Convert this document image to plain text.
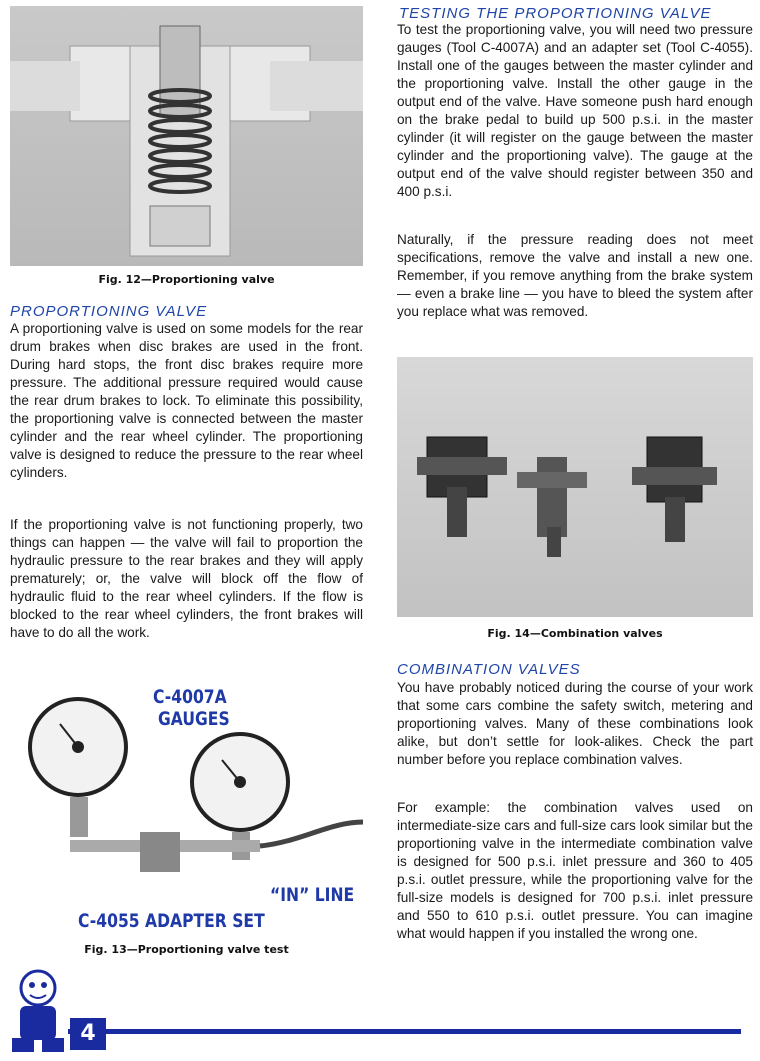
Fig. 12—Proportioning valve
PROPORTIONING VALVE

A proportioning valve is used on some models for the rear drum brakes when disc brakes are used in the front. During hard stops, the front disc brakes require more pressure. The additional pressure required would cause the rear drum brakes to lock. To eliminate this possibility, the proportioning valve is connected between the master cylinder and the rear wheel cylinder. The proportioning valve is designed to reduce the pressure to the rear wheel cylinders.

If the proportioning valve is not functioning properly, two things can happen — the valve will fail to proportion the hydraulic pressure to the rear brakes and they will apply prematurely; or, the valve will block off the flow of hydraulic fluid to the rear wheel cylinders. If the flow is blocked to the rear wheel cylinders, the front brakes will have to do all the work.

C-4007A
GAUGES
“IN” LINE
C-4055 ADAPTER SET
Fig. 13—Proportioning valve test
TESTING THE PROPORTIONING VALVE

To test the proportioning valve, you will need two pressure gauges (Tool C-4007A) and an adapter set (Tool C-4055). Install one of the gauges between the master cylinder and the proportioning valve. Install the other gauge in the output end of the valve. Have someone push hard enough on the brake pedal to build up 500 p.s.i. in the master cylinder (it will register on the gauge between the master cylinder and the proportioning valve). The gauge at the output end of the valve should register between 350 and 400 p.s.i.

Naturally, if the pressure reading does not meet specifications, remove the valve and install a new one. Remember, if you remove anything from the brake system — even a brake line — you have to bleed the system after you replace what was removed.

Fig. 14—Combination valves
COMBINATION VALVES

You have probably noticed during the course of your work that some cars combine the safety switch, metering and proportioning valves. Many of these combinations look alike, but don’t settle for look-alikes. Check the part number before you replace combination valves.

For example: the combination valves used on intermediate-size cars and full-size cars look similar but the proportioning valve in the intermediate combination valve is designed for 500 p.s.i. inlet pressure and 360 to 405 p.s.i. outlet pressure, while the proportioning valve for the full-size models is designed for 700 p.s.i. inlet pressure and 550 to 610 p.s.i. outlet pressure. You can imagine what would happen if you installed the wrong one.

4
